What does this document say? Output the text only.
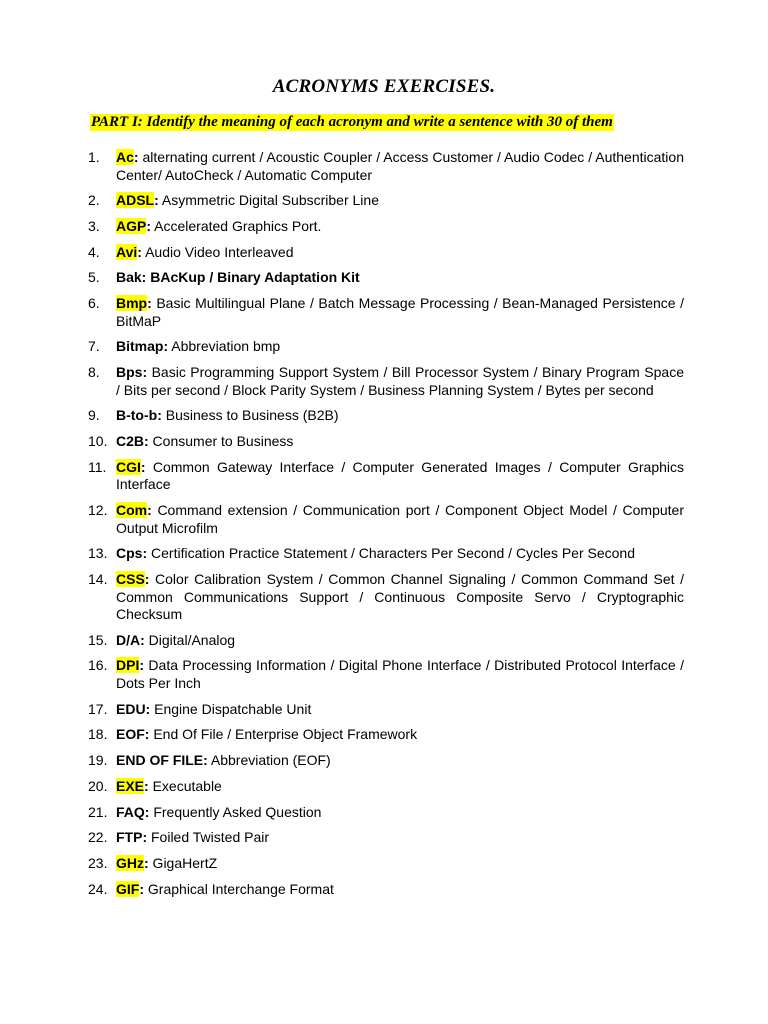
ACRONYMS EXERCISES.
PART I: Identify the meaning of each acronym and write a sentence with 30 of them
1. Ac: alternating current / Acoustic Coupler / Access Customer / Audio Codec / Authentication Center/ AutoCheck / Automatic Computer
2. ADSL: Asymmetric Digital Subscriber Line
3. AGP: Accelerated Graphics Port.
4. Avi: Audio Video Interleaved
5. Bak: BAcKup / Binary Adaptation Kit
6. Bmp: Basic Multilingual Plane / Batch Message Processing / Bean-Managed Persistence / BitMaP
7. Bitmap: Abbreviation bmp
8. Bps: Basic Programming Support System / Bill Processor System / Binary Program Space / Bits per second / Block Parity System / Business Planning System / Bytes per second
9. B-to-b: Business to Business (B2B)
10. C2B: Consumer to Business
11. CGI: Common Gateway Interface / Computer Generated Images / Computer Graphics Interface
12. Com: Command extension / Communication port / Component Object Model / Computer Output Microfilm
13. Cps: Certification Practice Statement / Characters Per Second / Cycles Per Second
14. CSS: Color Calibration System / Common Channel Signaling / Common Command Set / Common Communications Support / Continuous Composite Servo / Cryptographic Checksum
15. D/A: Digital/Analog
16. DPI: Data Processing Information / Digital Phone Interface / Distributed Protocol Interface / Dots Per Inch
17. EDU: Engine Dispatchable Unit
18. EOF: End Of File / Enterprise Object Framework
19. END OF FILE: Abbreviation (EOF)
20. EXE: Executable
21. FAQ: Frequently Asked Question
22. FTP: Foiled Twisted Pair
23. GHz: GigaHertZ
24. GIF: Graphical Interchange Format
